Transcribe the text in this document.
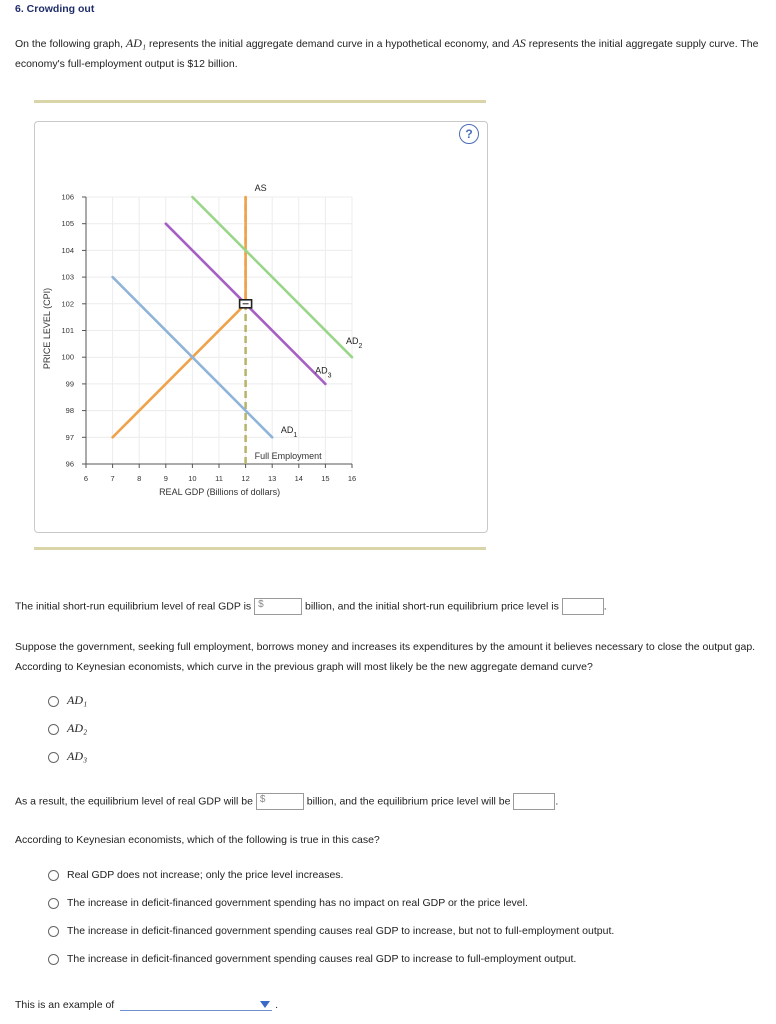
6. Crowding out
On the following graph, AD₁ represents the initial aggregate demand curve in a hypothetical economy, and AS represents the initial aggregate supply curve. The economy's full-employment output is $12 billion.
?
96
97
98
99
100
101
102
103
104
105
106
6	7	8	9	10 11 12 13 14 15 16
REAL GDP (Billions of dollars)
PRICE LEVEL (CPI)
Full Employment
AS
$AD_1$
$AD_2$
$AD_3$
The initial short-run equilibrium level of real GDP is $	billion, and the initial short-run equilibrium price level is	.
Suppose the government, seeking full employment, borrows money and increases its expenditures by the amount it believes necessary to close the output gap. According to Keynesian economists, which curve in the previous graph will most likely be the new aggregate demand curve?
AD₁
AD₂
AD₃
As a result, the equilibrium level of real GDP will be $	billion, and the equilibrium price level will be	.
According to Keynesian economists, which of the following is true in this case?
Real GDP does not increase; only the price level increases.
The increase in deficit-financed government spending has no impact on real GDP or the price level.
The increase in deficit-financed government spending causes real GDP to increase, but not to full-employment output.
The increase in deficit-financed government spending causes real GDP to increase to full-employment output.
This is an example of	.
